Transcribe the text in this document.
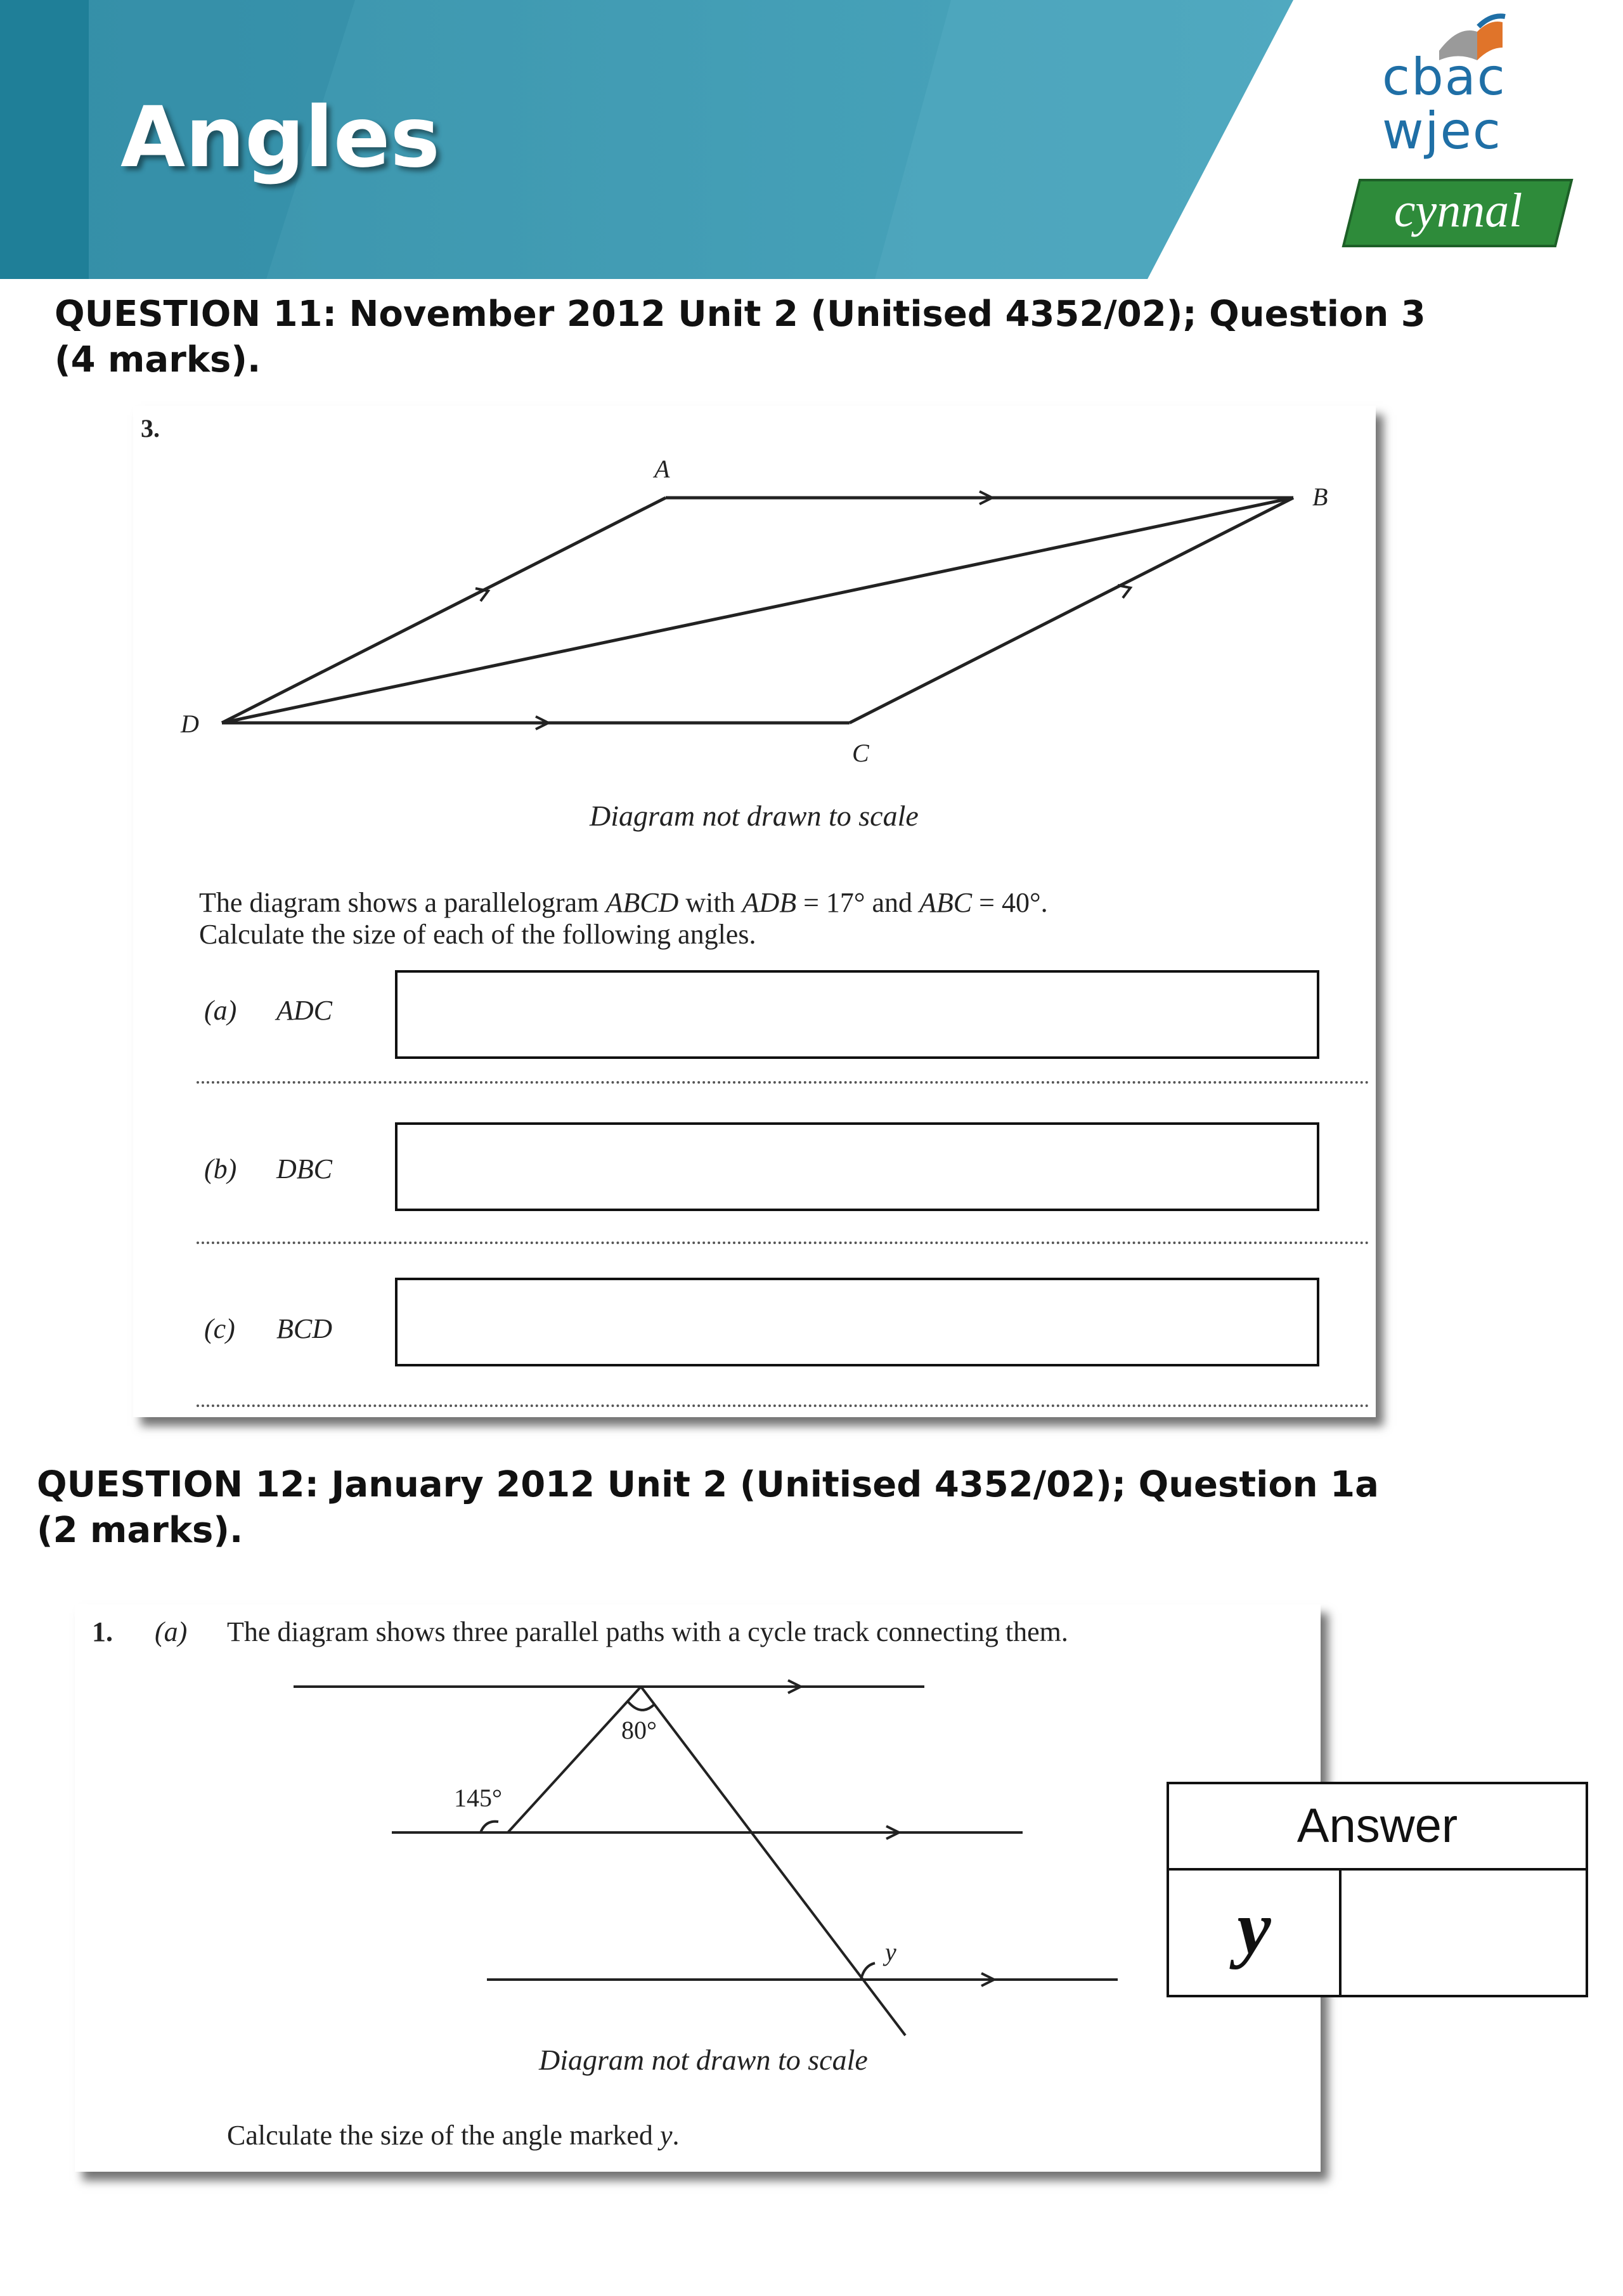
Angles
cbac
wjec
cynnal
QUESTION 11: November 2012 Unit 2 (Unitised 4352/02); Question 3
(4 marks).
3.
A
B
D
C
Diagram not drawn to scale
The diagram shows a parallelogram ABCD with ADB = 17° and ABC = 40°.
Calculate the size of each of the following angles.
(a) ADC
(b) DBC
(c) BCD
QUESTION 12: January 2012 Unit 2 (Unitised 4352/02); Question 1a
(2 marks).
1. (a) The diagram shows three parallel paths with a cycle track connecting them.
80°
145°
y
Diagram not drawn to scale
Calculate the size of the angle marked y.
Answer
y
